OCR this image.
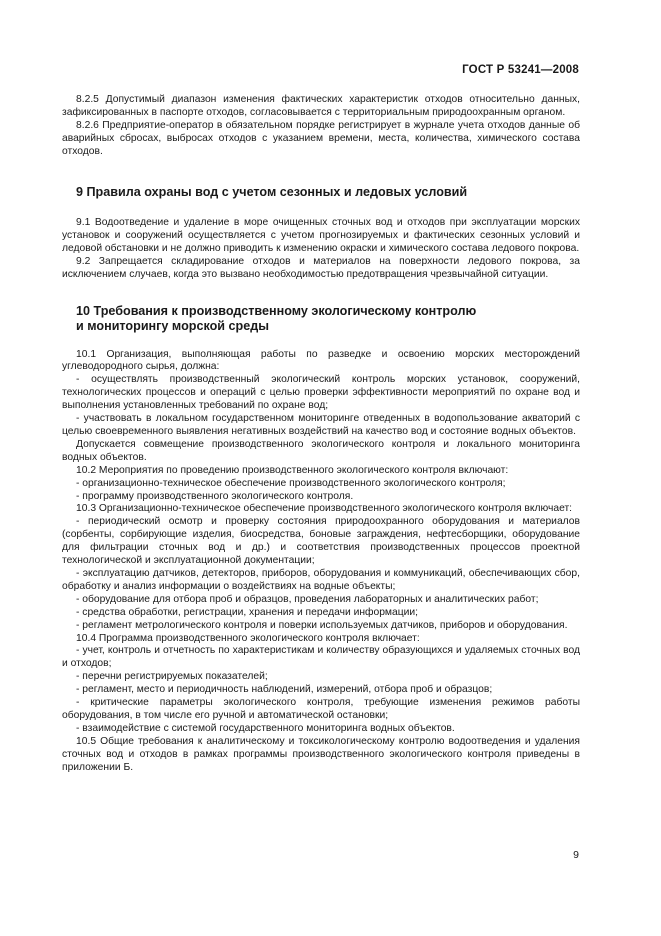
ГОСТ Р 53241—2008

8.2.5 Допустимый диапазон изменения фактических характеристик отходов относительно данных, зафиксированных в паспорте отходов, согласовывается с территориальным природоохранным органом.

8.2.6 Предприятие-оператор в обязательном порядке регистрирует в журнале учета отходов данные об аварийных сбросах, выбросах отходов с указанием времени, места, количества, химического состава отходов.

9 Правила охраны вод с учетом сезонных и ледовых условий

9.1 Водоотведение и удаление в море очищенных сточных вод и отходов при эксплуатации морских установок и сооружений осуществляется с учетом прогнозируемых и фактических сезонных условий и ледовой обстановки и не должно приводить к изменению окраски и химического состава ледового покрова.

9.2 Запрещается складирование отходов и материалов на поверхности ледового покрова, за исключением случаев, когда это вызвано необходимостью предотвращения чрезвычайной ситуации.

10 Требования к производственному экологическому контролю
и мониторингу морской среды

10.1 Организация, выполняющая работы по разведке и освоению морских месторождений углеводородного сырья, должна:

- осуществлять производственный экологический контроль морских установок, сооружений, технологических процессов и операций с целью проверки эффективности мероприятий по охране вод и выполнения установленных требований по охране вод;

- участвовать в локальном государственном мониторинге отведенных в водопользование акваторий с целью своевременного выявления негативных воздействий на качество вод и состояние водных объектов.

Допускается совмещение производственного экологического контроля и локального мониторинга водных объектов.

10.2 Мероприятия по проведению производственного экологического контроля включают:

- организационно-техническое обеспечение производственного экологического контроля;

- программу производственного экологического контроля.

10.3 Организационно-техническое обеспечение производственного экологического контроля включает:

- периодический осмотр и проверку состояния природоохранного оборудования и материалов (сорбенты, сорбирующие изделия, биосредства, боновые заграждения, нефтесборщики, оборудование для фильтрации сточных вод и др.) и соответствия производственных процессов проектной технологической и эксплуатационной документации;

- эксплуатацию датчиков, детекторов, приборов, оборудования и коммуникаций, обеспечивающих сбор, обработку и анализ информации о воздействиях на водные объекты;

- оборудование для отбора проб и образцов, проведения лабораторных и аналитических работ;

- средства обработки, регистрации, хранения и передачи информации;

- регламент метрологического контроля и поверки используемых датчиков, приборов и оборудования.

10.4 Программа производственного экологического контроля включает:

- учет, контроль и отчетность по характеристикам и количеству образующихся и удаляемых сточных вод и отходов;

- перечни регистрируемых показателей;

- регламент, место и периодичность наблюдений, измерений, отбора проб и образцов;

- критические параметры экологического контроля, требующие изменения режимов работы оборудования, в том числе его ручной и автоматической остановки;

- взаимодействие с системой государственного мониторинга водных объектов.

10.5 Общие требования к аналитическому и токсикологическому контролю водоотведения и удаления сточных вод и отходов в рамках программы производственного экологического контроля приведены в приложении Б.

9
